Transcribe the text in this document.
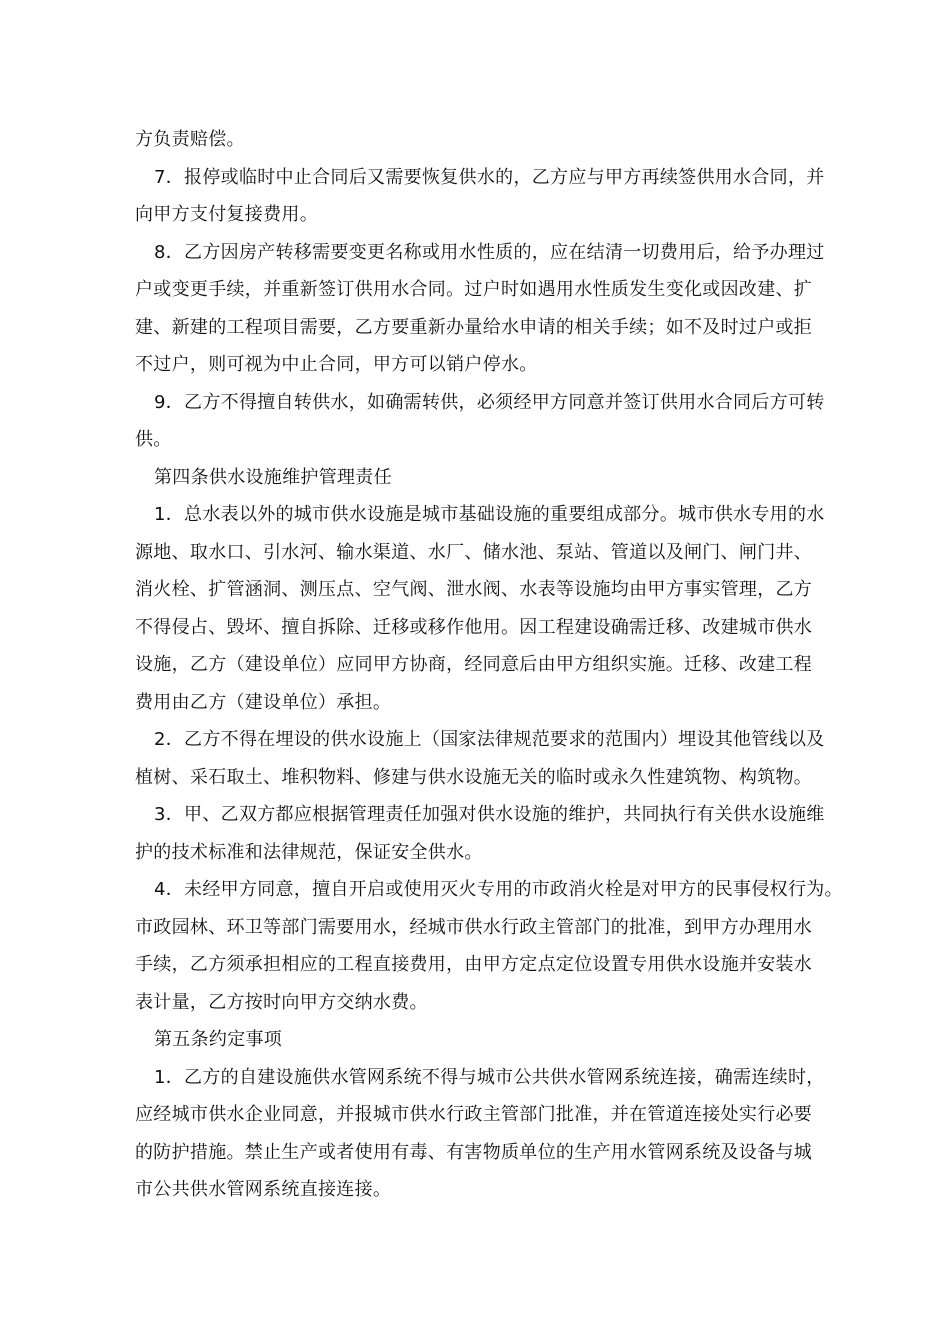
方负责赔偿。
7．报停或临时中止合同后又需要恢复供水的，乙方应与甲方再续签供用水合同，并
向甲方支付复接费用。
8．乙方因房产转移需要变更名称或用水性质的，应在结清一切费用后，给予办理过
户或变更手续，并重新签订供用水合同。过户时如遇用水性质发生变化或因改建、扩
建、新建的工程项目需要，乙方要重新办量给水申请的相关手续；如不及时过户或拒
不过户，则可视为中止合同，甲方可以销户停水。
9．乙方不得擅自转供水，如确需转供，必须经甲方同意并签订供用水合同后方可转
供。
第四条供水设施维护管理责任
1．总水表以外的城市供水设施是城市基础设施的重要组成部分。城市供水专用的水
源地、取水口、引水河、输水渠道、水厂、储水池、泵站、管道以及闸门、闸门井、
消火栓、扩管涵洞、测压点、空气阀、泄水阀、水表等设施均由甲方事实管理，乙方
不得侵占、毁坏、擅自拆除、迁移或移作他用。因工程建设确需迁移、改建城市供水
设施，乙方（建设单位）应同甲方协商，经同意后由甲方组织实施。迁移、改建工程
费用由乙方（建设单位）承担。
2．乙方不得在埋设的供水设施上（国家法律规范要求的范围内）埋设其他管线以及
植树、采石取土、堆积物料、修建与供水设施无关的临时或永久性建筑物、构筑物。
3．甲、乙双方都应根据管理责任加强对供水设施的维护，共同执行有关供水设施维
护的技术标准和法律规范，保证安全供水。
4．未经甲方同意，擅自开启或使用灭火专用的市政消火栓是对甲方的民事侵权行为。
市政园林、环卫等部门需要用水，经城市供水行政主管部门的批准，到甲方办理用水
手续，乙方须承担相应的工程直接费用，由甲方定点定位设置专用供水设施并安装水
表计量，乙方按时向甲方交纳水费。
第五条约定事项
1．乙方的自建设施供水管网系统不得与城市公共供水管网系统连接，确需连续时，
应经城市供水企业同意，并报城市供水行政主管部门批准，并在管道连接处实行必要
的防护措施。禁止生产或者使用有毒、有害物质单位的生产用水管网系统及设备与城
市公共供水管网系统直接连接。
